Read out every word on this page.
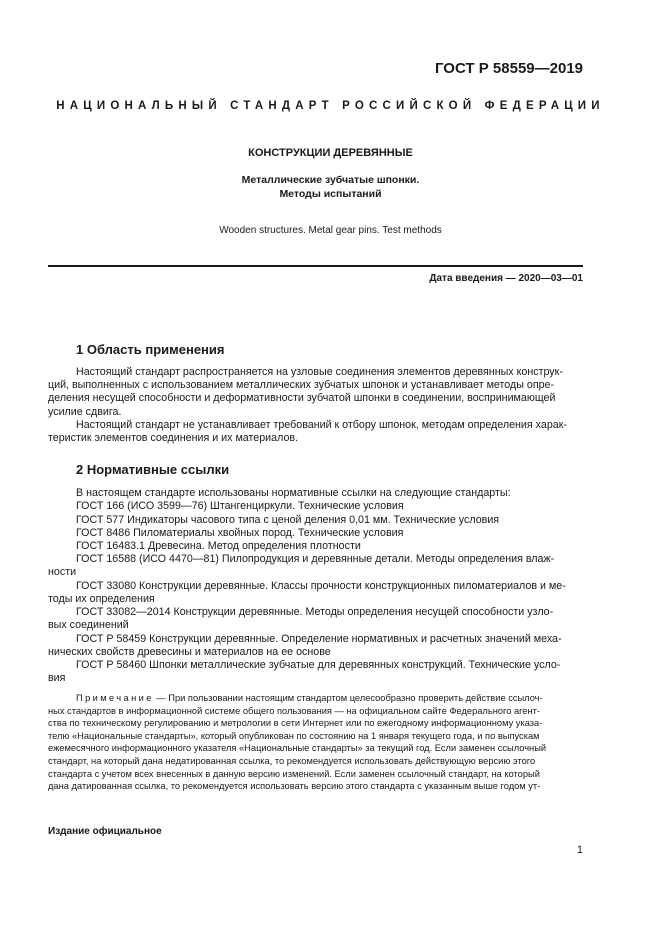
ГОСТ Р 58559—2019
НАЦИОНАЛЬНЫЙ СТАНДАРТ РОССИЙСКОЙ ФЕДЕРАЦИИ
КОНСТРУКЦИИ ДЕРЕВЯННЫЕ
Металлические зубчатые шпонки.
Методы испытаний
Wooden structures. Metal gear pins. Test methods
Дата введения — 2020—03—01
1 Область применения
Настоящий стандарт распространяется на узловые соединения элементов деревянных конструк-
ций, выполненных с использованием металлических зубчатых шпонок и устанавливает методы опре-
деления несущей способности и деформативности зубчатой шпонки в соединении, воспринимающей
усилие сдвига.
Настоящий стандарт не устанавливает требований к отбору шпонок, методам определения харак-
теристик элементов соединения и их материалов.
2 Нормативные ссылки
В настоящем стандарте использованы нормативные ссылки на следующие стандарты:
ГОСТ 166 (ИСО 3599—76) Штангенциркули. Технические условия
ГОСТ 577 Индикаторы часового типа с ценой деления 0,01 мм. Технические условия
ГОСТ 8486 Пиломатериалы хвойных пород. Технические условия
ГОСТ 16483.1 Древесина. Метод определения плотности
ГОСТ 16588 (ИСО 4470—81) Пилопродукция и деревянные детали. Методы определения влаж-
ности
ГОСТ 33080 Конструкции деревянные. Классы прочности конструкционных пиломатериалов и ме-
тоды их определения
ГОСТ 33082—2014 Конструкции деревянные. Методы определения несущей способности узло-
вых соединений
ГОСТ Р 58459 Конструкции деревянные. Определение нормативных и расчетных значений меха-
нических свойств древесины и материалов на ее основе
ГОСТ Р 58460 Шпонки металлические зубчатые для деревянных конструкций. Технические усло-
вия
Примечание — При пользовании настоящим стандартом целесообразно проверить действие ссылоч-
ных стандартов в информационной системе общего пользования — на официальном сайте Федерального агент-
ства по техническому регулированию и метрологии в сети Интернет или по ежегодному информационному указа-
телю «Национальные стандарты», который опубликован по состоянию на 1 января текущего года, и по выпускам
ежемесячного информационного указателя «Национальные стандарты» за текущий год. Если заменен ссылочный
стандарт, на который дана недатированная ссылка, то рекомендуется использовать действующую версию этого
стандарта с учетом всех внесенных в данную версию изменений. Если заменен ссылочный стандарт, на который
дана датированная ссылка, то рекомендуется использовать версию этого стандарта с указанным выше годом ут-
Издание официальное
1
